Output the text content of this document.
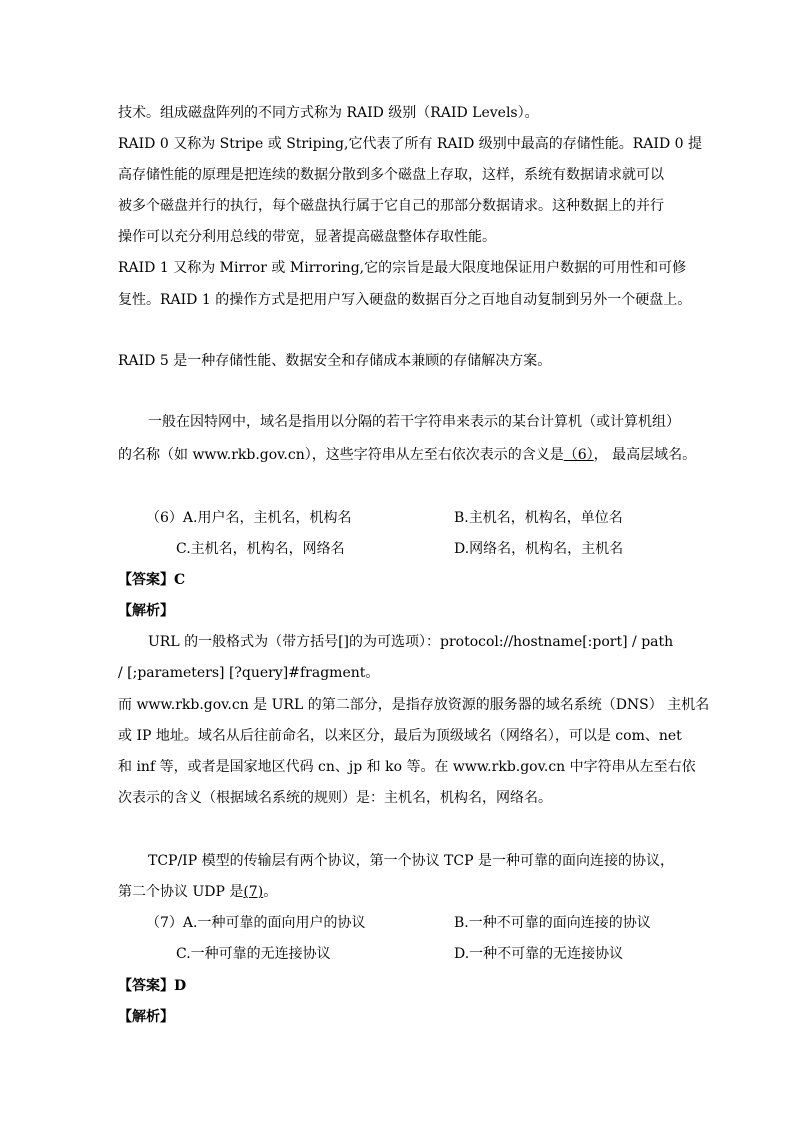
技术。组成磁盘阵列的不同方式称为 RAID 级别（RAID Levels）。
RAID 0 又称为 Stripe 或 Striping,它代表了所有 RAID 级别中最高的存储性能。RAID 0 提
高存储性能的原理是把连续的数据分散到多个磁盘上存取，这样，系统有数据请求就可以
被多个磁盘并行的执行，每个磁盘执行属于它自己的那部分数据请求。这种数据上的并行
操作可以充分利用总线的带宽，显著提高磁盘整体存取性能。
RAID 1 又称为 Mirror 或 Mirroring,它的宗旨是最大限度地保证用户数据的可用性和可修
复性。RAID 1 的操作方式是把用户写入硬盘的数据百分之百地自动复制到另外一个硬盘上。
RAID 5 是一种存储性能、数据安全和存储成本兼顾的存储解决方案。
一般在因特网中，域名是指用以分隔的若干字符串来表示的某台计算机（或计算机组）
的名称（如 www.rkb.gov.cn），这些字符串从左至右依次表示的含义是（6）， 最高层域名。
（6）A.用户名，主机名，机构名	B.主机名，机构名，单位名
C.主机名，机构名，网络名	D.网络名，机构名，主机名
【答案】C
【解析】
URL 的一般格式为（带方括号[]的为可选项）：protocol://hostname[:port] / path
/ [;parameters] [?query]#fragment。
而 www.rkb.gov.cn 是 URL 的第二部分，是指存放资源的服务器的域名系统（DNS） 主机名
或 IP 地址。域名从后往前命名，以来区分，最后为顶级域名（网络名），可以是 com、net
和 inf 等，或者是国家地区代码 cn、jp 和 ko 等。在 www.rkb.gov.cn 中字符串从左至右依
次表示的含义（根据域名系统的规则）是：主机名，机构名，网络名。
TCP/IP 模型的传输层有两个协议，第一个协议 TCP 是一种可靠的面向连接的协议，
第二个协议 UDP 是(7)。
（7）A.一种可靠的面向用户的协议	B.一种不可靠的面向连接的协议
C.一种可靠的无连接协议	D.一种不可靠的无连接协议
【答案】D
【解析】
